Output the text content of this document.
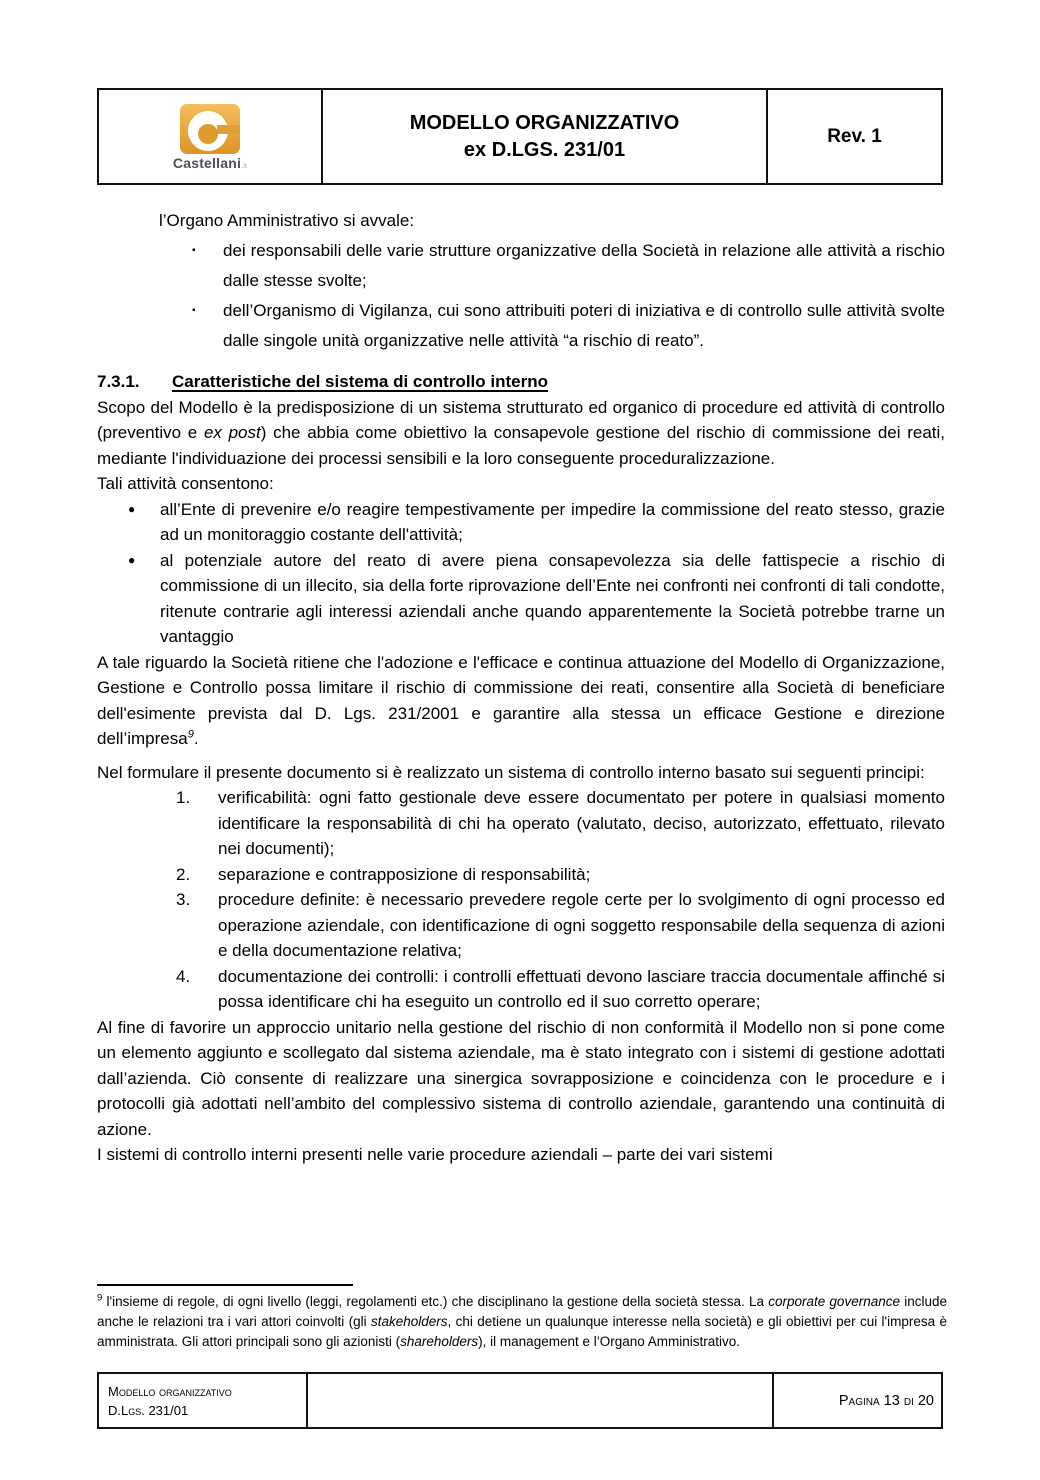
Castellani.it
MODELLO ORGANIZZATIVO
ex D.LGS. 231/01
Rev. 1
l’Organo Amministrativo si avvale:
▪ dei responsabili delle varie strutture organizzative della Società in relazione alle attività a rischio dalle stesse svolte;
▪ dell’Organismo di Vigilanza, cui sono attribuiti poteri di iniziativa e di controllo sulle attività svolte dalle singole unità organizzative nelle attività “a rischio di reato”.
7.3.1. Caratteristiche del sistema di controllo interno
Scopo del Modello è la predisposizione di un sistema strutturato ed organico di procedure ed attività di controllo (preventivo e ex post) che abbia come obiettivo la consapevole gestione del rischio di commissione dei reati, mediante l'individuazione dei processi sensibili e la loro conseguente proceduralizzazione.
Tali attività consentono:
● all’Ente di prevenire e/o reagire tempestivamente per impedire la commissione del reato stesso, grazie ad un monitoraggio costante dell'attività;
● al potenziale autore del reato di avere piena consapevolezza sia delle fattispecie a rischio di commissione di un illecito, sia della forte riprovazione dell’Ente nei confronti nei confronti di tali condotte, ritenute contrarie agli interessi aziendali anche quando apparentemente la Società potrebbe trarne un vantaggio
A tale riguardo la Società ritiene che l'adozione e l'efficace e continua attuazione del Modello di Organizzazione, Gestione e Controllo possa limitare il rischio di commissione dei reati, consentire alla Società di beneficiare dell'esimente prevista dal D. Lgs. 231/2001 e garantire alla stessa un efficace Gestione e direzione dell’impresa$^9$.
Nel formulare il presente documento si è realizzato un sistema di controllo interno basato sui seguenti principi:
1. verificabilità: ogni fatto gestionale deve essere documentato per potere in qualsiasi momento identificare la responsabilità di chi ha operato (valutato, deciso, autorizzato, effettuato, rilevato nei documenti);
2. separazione e contrapposizione di responsabilità;
3. procedure definite: è necessario prevedere regole certe per lo svolgimento di ogni processo ed operazione aziendale, con identificazione di ogni soggetto responsabile della sequenza di azioni e della documentazione relativa;
4. documentazione dei controlli: i controlli effettuati devono lasciare traccia documentale affinché si possa identificare chi ha eseguito un controllo ed il suo corretto operare;
Al fine di favorire un approccio unitario nella gestione del rischio di non conformità il Modello non si pone come un elemento aggiunto e scollegato dal sistema aziendale, ma è stato integrato con i sistemi di gestione adottati dall’azienda. Ciò consente di realizzare una sinergica sovrapposizione e coincidenza con le procedure e i protocolli già adottati nell’ambito del complessivo sistema di controllo aziendale, garantendo una continuità di azione.
I sistemi di controllo interni presenti nelle varie procedure aziendali – parte dei vari sistemi
$^9$ l'insieme di regole, di ogni livello (leggi, regolamenti etc.) che disciplinano la gestione della società stessa. La corporate governance include anche le relazioni tra i vari attori coinvolti (gli stakeholders, chi detiene un qualunque interesse nella società) e gli obiettivi per cui l'impresa è amministrata. Gli attori principali sono gli azionisti (shareholders), il management e l’Organo Amministrativo.
Modello organizzativo
D.Lgs. 231/01
Pagina 13 di 20
